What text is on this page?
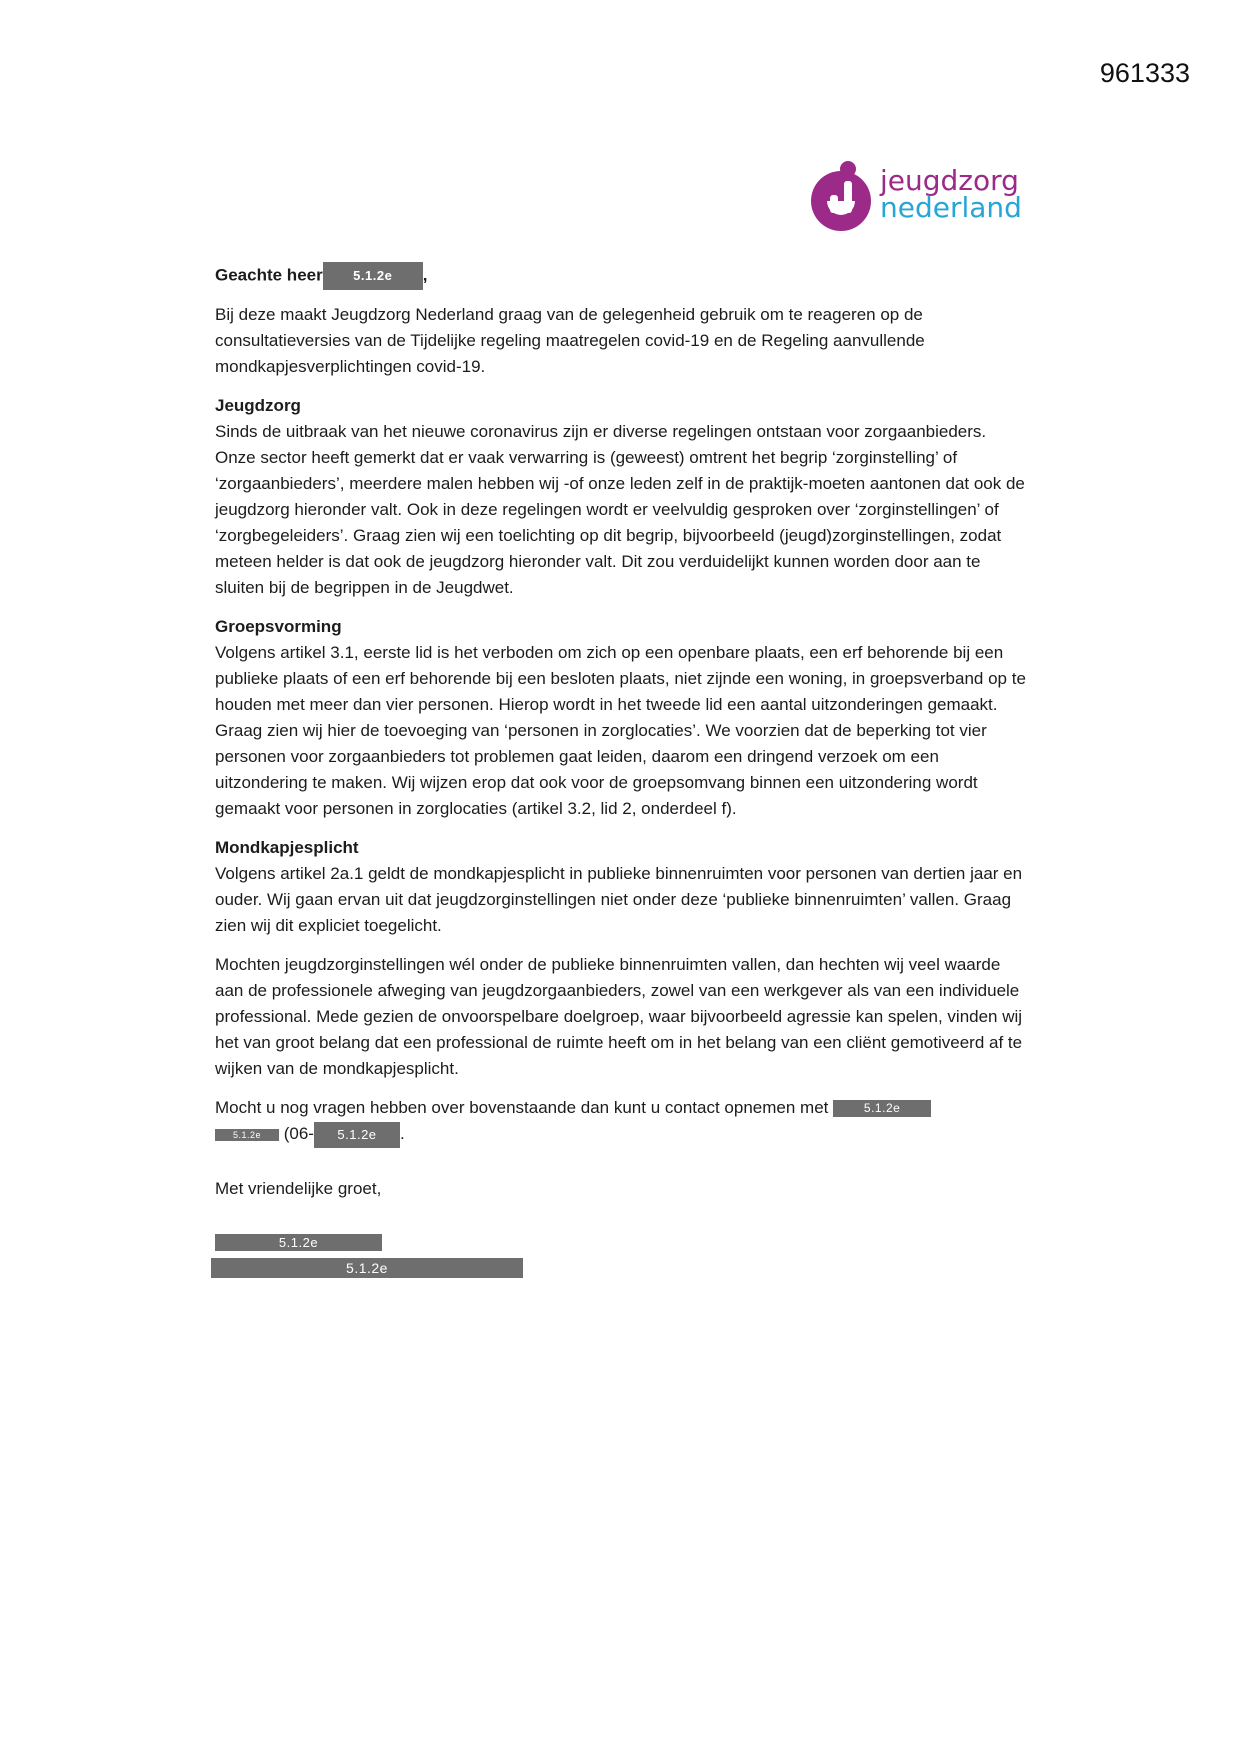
961333
jeugdzorg
nederland
Geachte heer 5.1.2e ,

Bij deze maakt Jeugdzorg Nederland graag van de gelegenheid gebruik om te reageren op de consultatieversies van de Tijdelijke regeling maatregelen covid-19 en de Regeling aanvullende mondkapjesverplichtingen covid-19.

Jeugdzorg

Sinds de uitbraak van het nieuwe coronavirus zijn er diverse regelingen ontstaan voor zorgaanbieders. Onze sector heeft gemerkt dat er vaak verwarring is (geweest) omtrent het begrip ‘zorginstelling’ of ‘zorgaanbieders’, meerdere malen hebben wij -of onze leden zelf in de praktijk-moeten aantonen dat ook de jeugdzorg hieronder valt. Ook in deze regelingen wordt er veelvuldig gesproken over ‘zorginstellingen’ of ‘zorgbegeleiders’. Graag zien wij een toelichting op dit begrip, bijvoorbeeld (jeugd)zorginstellingen, zodat meteen helder is dat ook de jeugdzorg hieronder valt. Dit zou verduidelijkt kunnen worden door aan te sluiten bij de begrippen in de Jeugdwet.

Groepsvorming

Volgens artikel 3.1, eerste lid is het verboden om zich op een openbare plaats, een erf behorende bij een publieke plaats of een erf behorende bij een besloten plaats, niet zijnde een woning, in groepsverband op te houden met meer dan vier personen. Hierop wordt in het tweede lid een aantal uitzonderingen gemaakt. Graag zien wij hier de toevoeging van ‘personen in zorglocaties’. We voorzien dat de beperking tot vier personen voor zorgaanbieders tot problemen gaat leiden, daarom een dringend verzoek om een uitzondering te maken. Wij wijzen erop dat ook voor de groepsomvang binnen een uitzondering wordt gemaakt voor personen in zorglocaties (artikel 3.2, lid 2, onderdeel f).

Mondkapjesplicht

Volgens artikel 2a.1 geldt de mondkapjesplicht in publieke binnenruimten voor personen van dertien jaar en ouder. Wij gaan ervan uit dat jeugdzorginstellingen niet onder deze ‘publieke binnenruimten’ vallen. Graag zien wij dit expliciet toegelicht.

Mochten jeugdzorginstellingen wél onder de publieke binnenruimten vallen, dan hechten wij veel waarde aan de professionele afweging van jeugdzorgaanbieders, zowel van een werkgever als van een individuele professional. Mede gezien de onvoorspelbare doelgroep, waar bijvoorbeeld agressie kan spelen, vinden wij het van groot belang dat een professional de ruimte heeft om in het belang van een cliënt gemotiveerd af te wijken van de mondkapjesplicht.

Mocht u nog vragen hebben over bovenstaande dan kunt u contact opnemen met	5.1.2e
5.1.2e (06- 5.1.2e .

Met vriendelijke groet,

5.1.2e
5.1.2e
